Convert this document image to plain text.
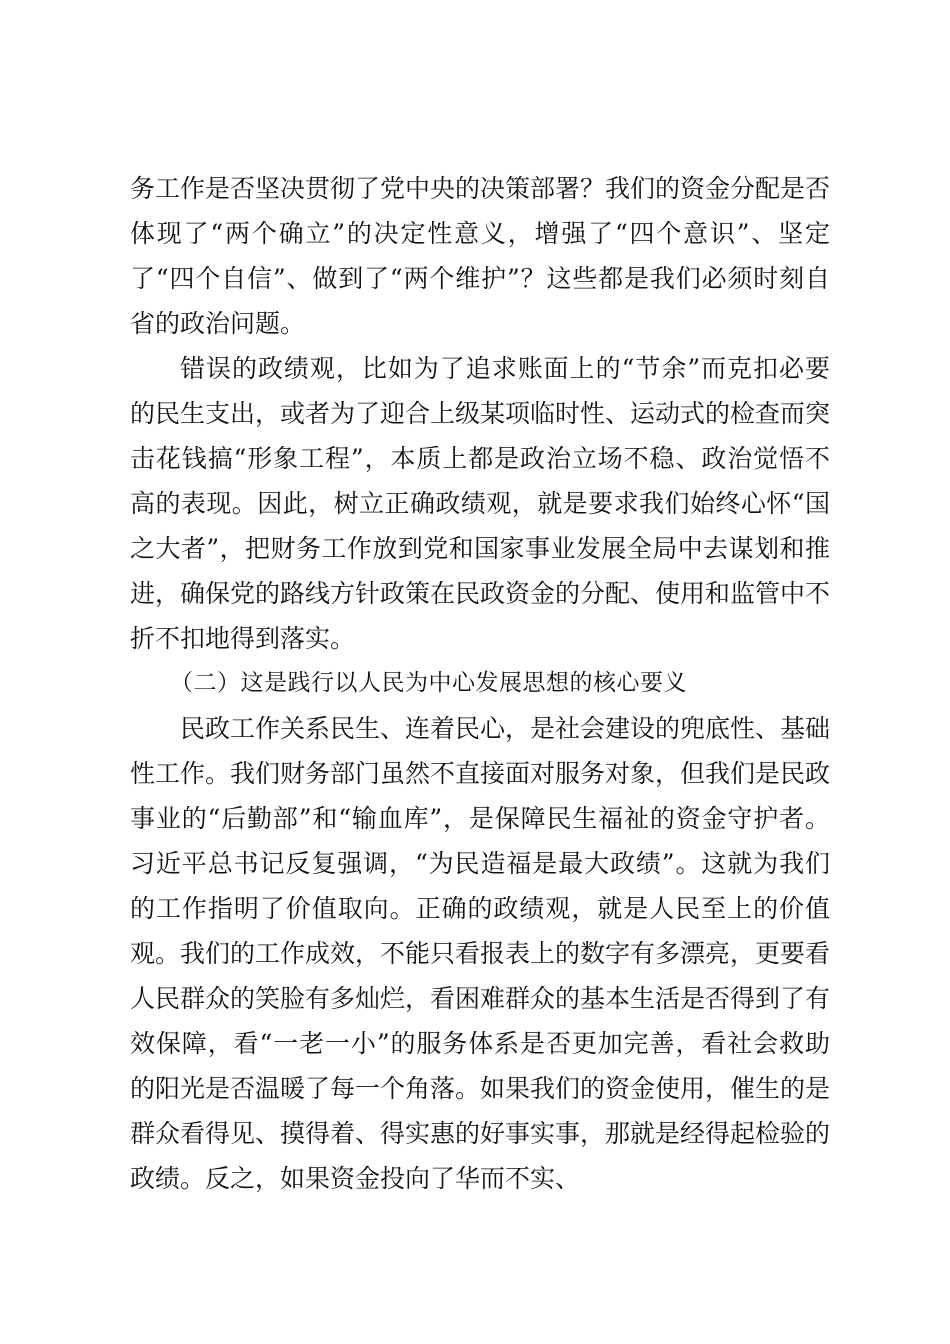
务工作是否坚决贯彻了党中央的决策部署？我们的资金分配是否体现了“两个确立”的决定性意义，增强了“四个意识”、坚定了“四个自信”、做到了“两个维护”？这些都是我们必须时刻自省的政治问题。

错误的政绩观，比如为了追求账面上的“节余”而克扣必要的民生支出，或者为了迎合上级某项临时性、运动式的检查而突击花钱搞“形象工程”，本质上都是政治立场不稳、政治觉悟不高的表现。因此，树立正确政绩观，就是要求我们始终心怀“国之大者”，把财务工作放到党和国家事业发展全局中去谋划和推进，确保党的路线方针政策在民政资金的分配、使用和监管中不折不扣地得到落实。

（二）这是践行以人民为中心发展思想的核心要义

民政工作关系民生、连着民心，是社会建设的兜底性、基础性工作。我们财务部门虽然不直接面对服务对象，但我们是民政事业的“后勤部”和“输血库”，是保障民生福祉的资金守护者。习近平总书记反复强调，“为民造福是最大政绩”。这就为我们的工作指明了价值取向。正确的政绩观，就是人民至上的价值观。我们的工作成效，不能只看报表上的数字有多漂亮，更要看人民群众的笑脸有多灿烂，看困难群众的基本生活是否得到了有效保障，看“一老一小”的服务体系是否更加完善，看社会救助的阳光是否温暖了每一个角落。如果我们的资金使用，催生的是群众看得见、摸得着、得实惠的好事实事，那就是经得起检验的政绩。反之，如果资金投向了华而不实、
